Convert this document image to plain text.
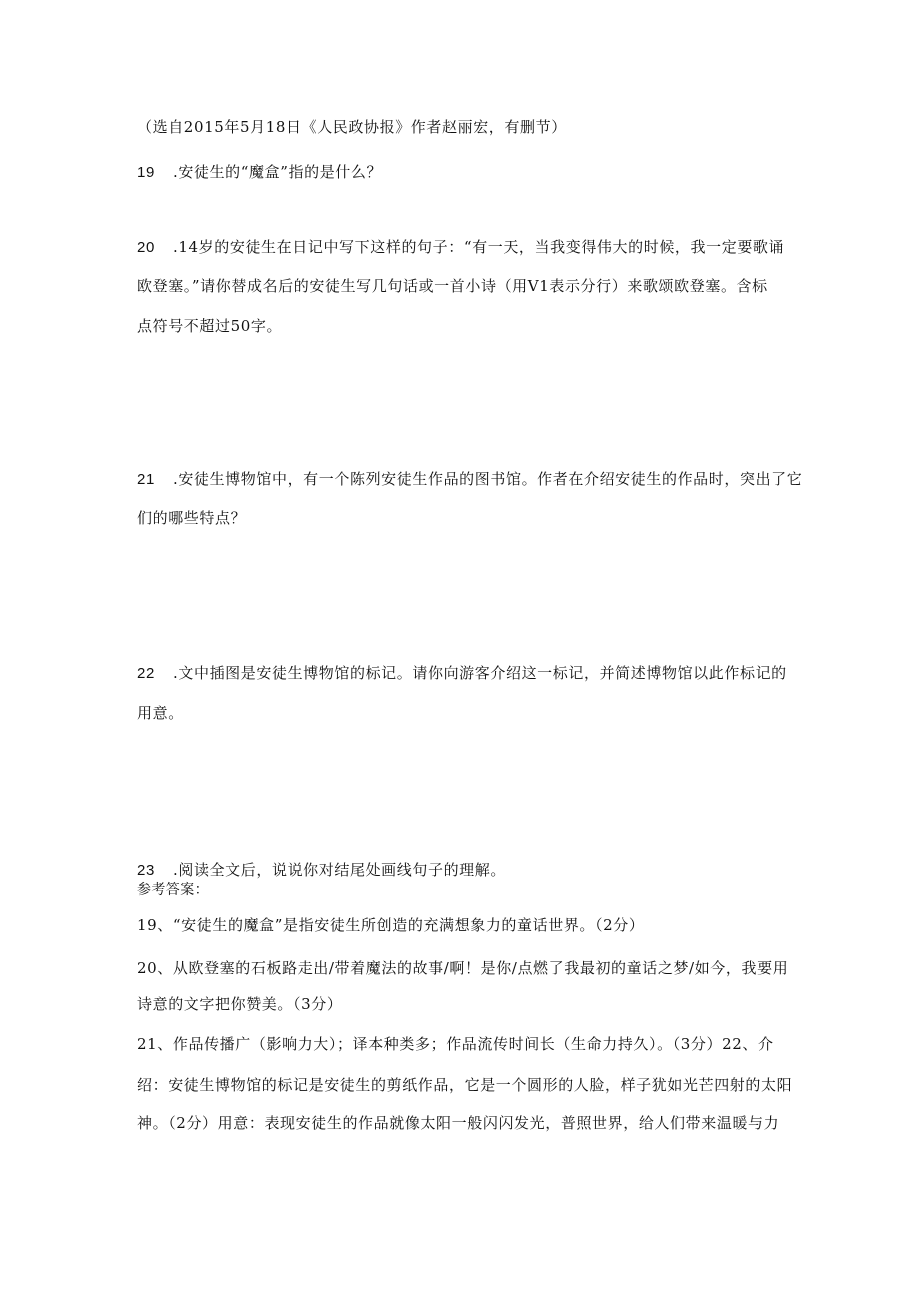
（选自2015年5月18日《人民政协报》作者赵丽宏，有删节）
19 .安徒生的“魔盒”指的是什么？
20 .14岁的安徒生在日记中写下这样的句子：“有一天，当我变得伟大的时候，我一定要歌诵
欧登塞。”请你替成名后的安徒生写几句话或一首小诗（用V1表示分行）来歌颂欧登塞。含标
点符号不超过50字。
21 .安徒生博物馆中，有一个陈列安徒生作品的图书馆。作者在介绍安徒生的作品时，突出了它
们的哪些特点？
22 .文中插图是安徒生博物馆的标记。请你向游客介绍这一标记，并简述博物馆以此作标记的
用意。
23 .阅读全文后，说说你对结尾处画线句子的理解。
参考答案：
19、“安徒生的魔盒”是指安徒生所创造的充满想象力的童话世界。（2分）
20、从欧登塞的石板路走出/带着魔法的故事/啊！是你/点燃了我最初的童话之梦/如今，我要用
诗意的文字把你赞美。（3分）
21、作品传播广（影响力大）；译本种类多；作品流传时间长（生命力持久）。（3分）22、介
绍：安徒生博物馆的标记是安徒生的剪纸作品，它是一个圆形的人脸，样子犹如光芒四射的太阳
神。（2分）用意：表现安徒生的作品就像太阳一般闪闪发光，普照世界，给人们带来温暖与力
